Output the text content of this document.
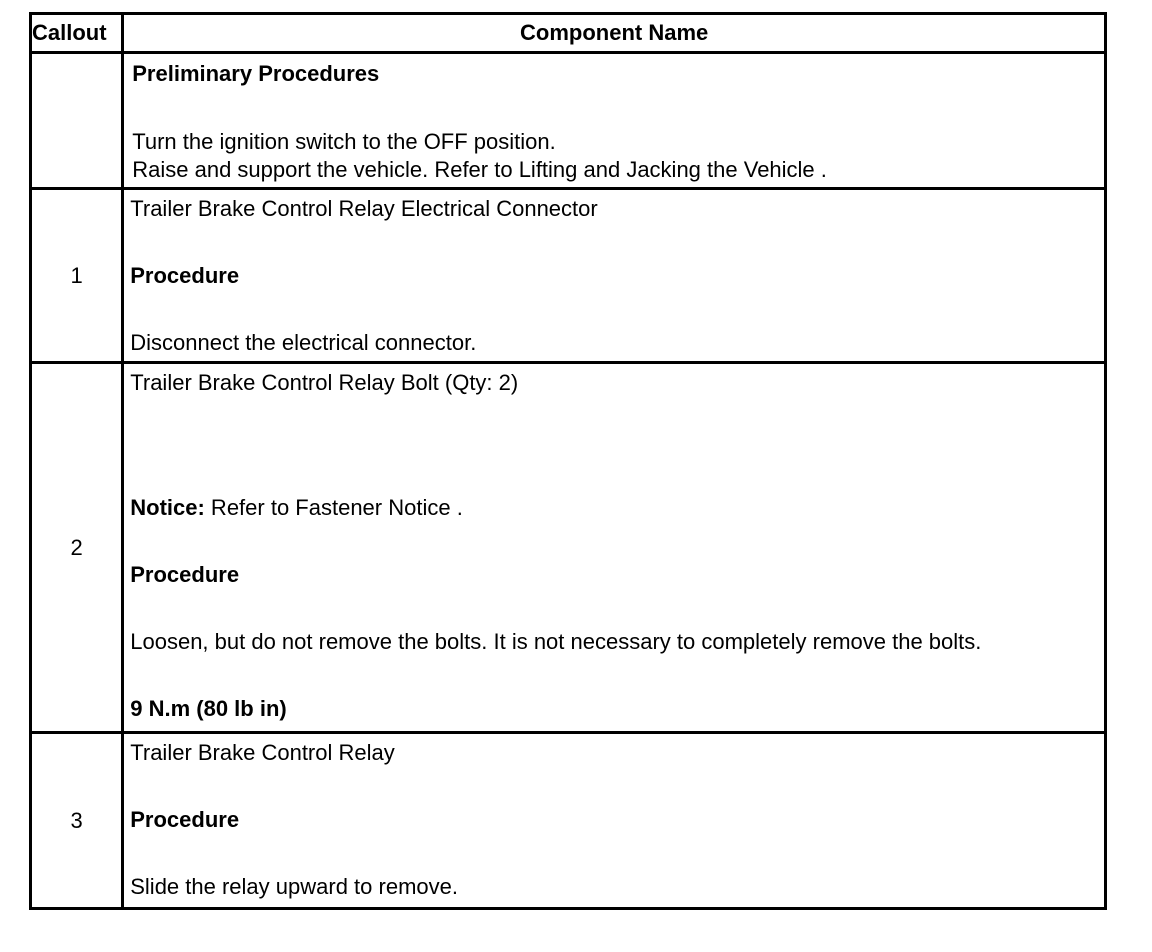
Callout	Component Name

	Preliminary Procedures
Turn the ignition switch to the OFF position.
Raise and support the vehicle. Refer to Lifting and Jacking the Vehicle .

1	Trailer Brake Control Relay Electrical Connector
Procedure
Disconnect the electrical connector.

2	Trailer Brake Control Relay Bolt (Qty: 2)
Notice: Refer to Fastener Notice .
Procedure
Loosen, but do not remove the bolts. It is not necessary to completely remove the bolts.
9 N.m (80 lb in)

3	Trailer Brake Control Relay
Procedure
Slide the relay upward to remove.
